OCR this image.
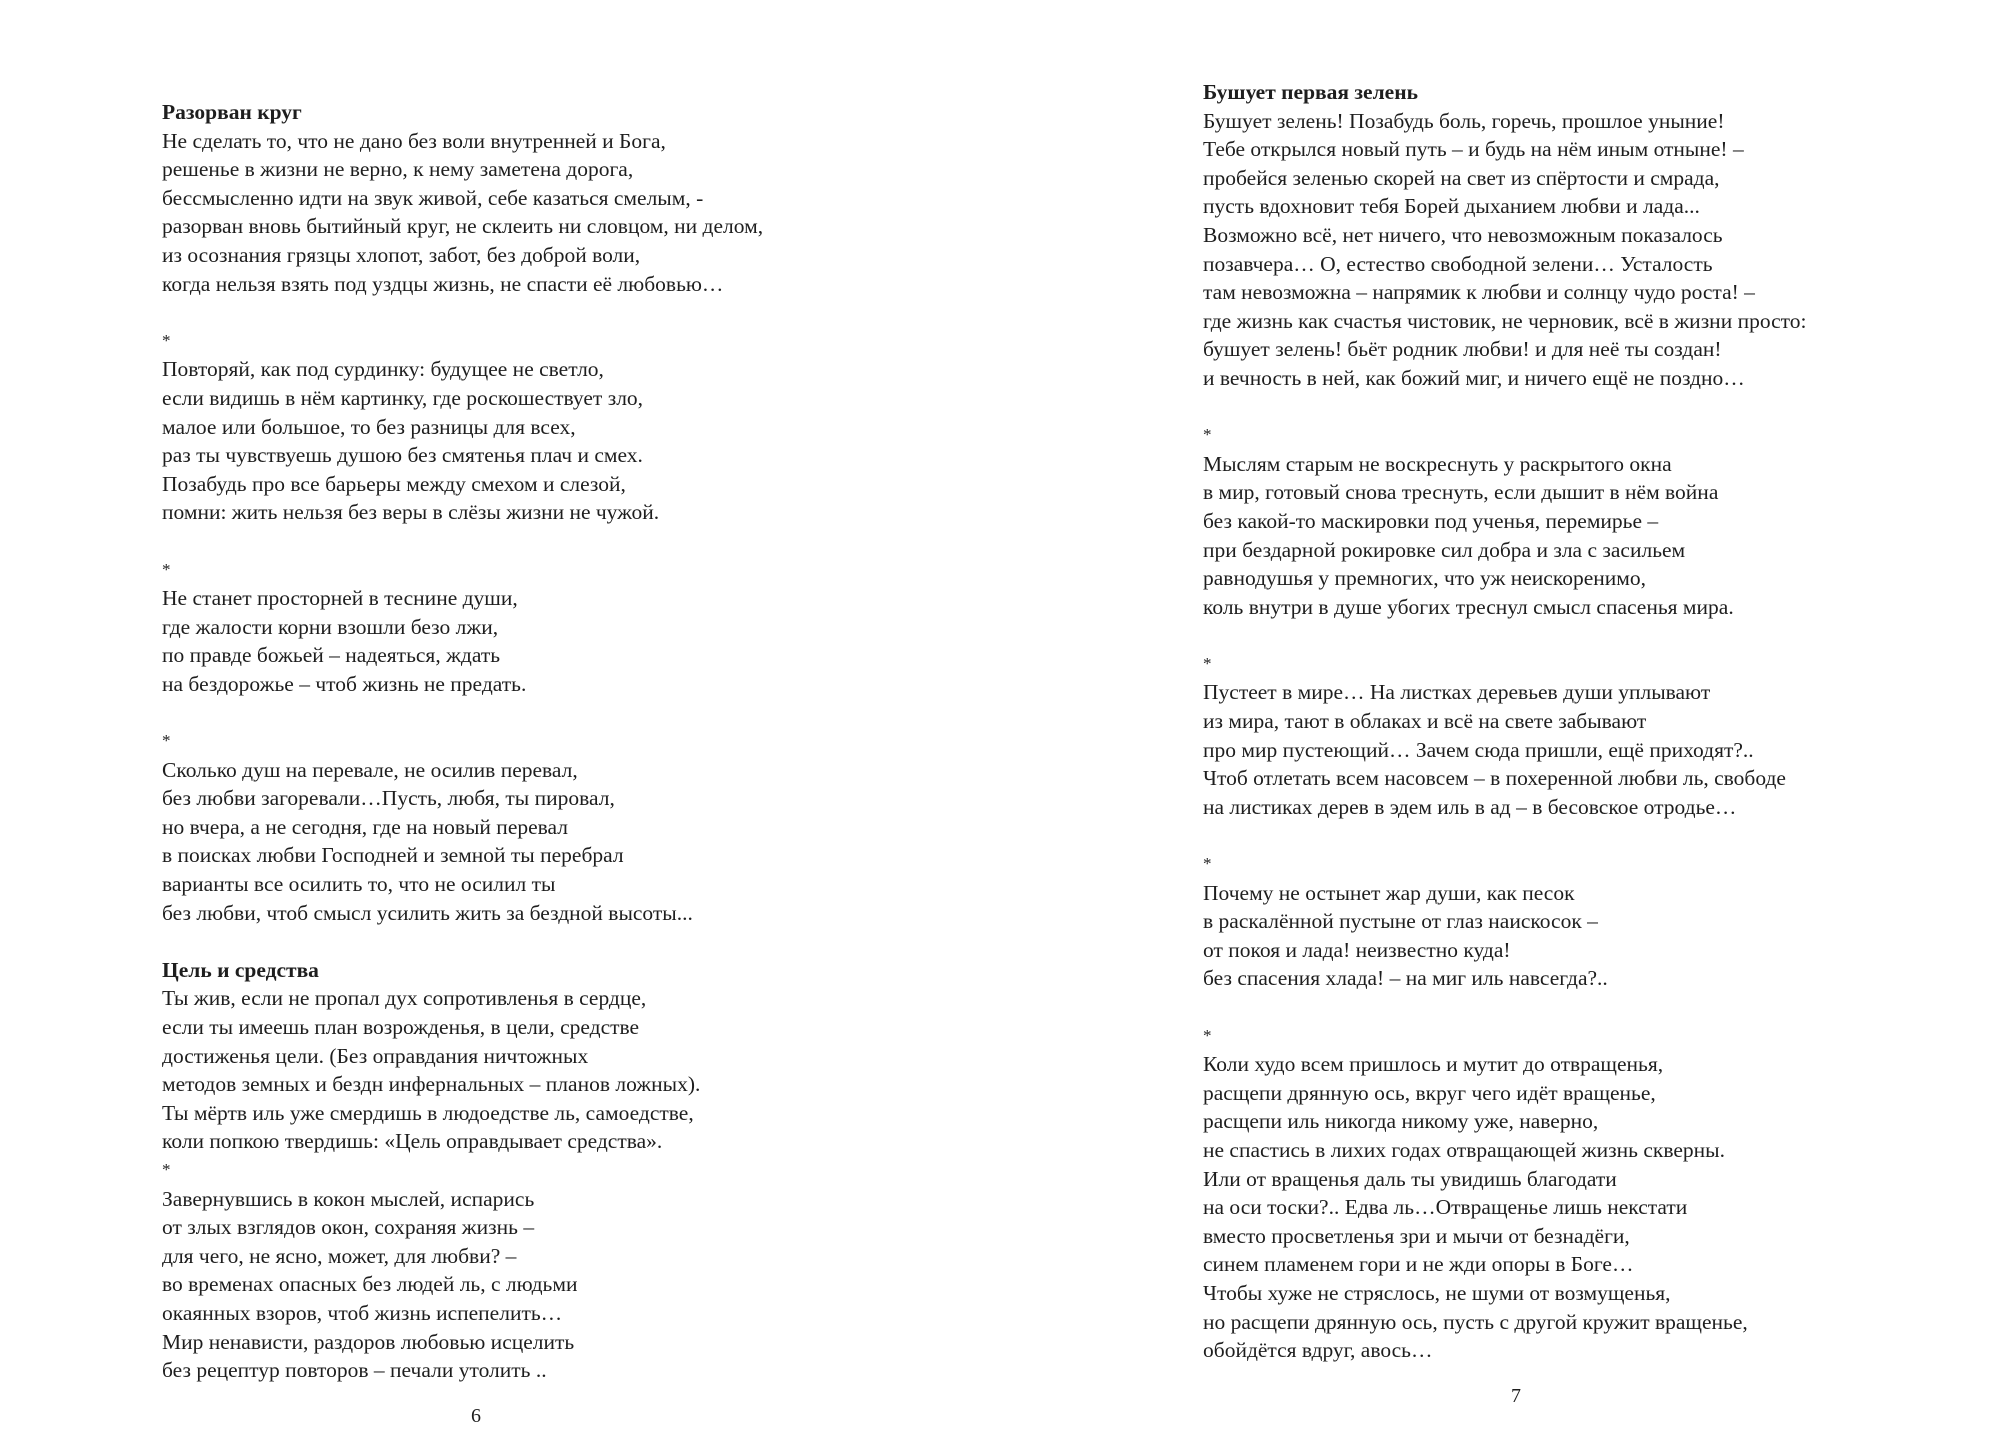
Разорван круг
Не сделать то, что не дано без воли внутренней и Бога,
решенье в жизни не верно, к нему заметена дорога,
бессмысленно идти на звук живой, себе казаться смелым, -
разорван вновь бытийный круг, не склеить ни словцом, ни делом,
из осознания грязцы хлопот, забот, без доброй воли,
когда нельзя взять под уздцы жизнь, не спасти её любовью…
*
Повторяй, как под сурдинку: будущее не светло,
если видишь в нём картинку, где роскошествует зло,
малое или большое, то без разницы для всех,
раз ты чувствуешь душою без смятенья плач и смех.
Позабудь про все барьеры между смехом и слезой,
помни: жить нельзя без веры в слёзы жизни не чужой.
*
Не станет просторней в теснине души,
где жалости корни взошли безо лжи,
по правде божьей – надеяться, ждать
на бездорожье – чтоб жизнь не предать.
*
Сколько душ на перевале, не осилив перевал,
без любви загоревали…Пусть, любя, ты пировал,
но вчера, а не сегодня, где на новый перевал
в поисках любви Господней и земной ты перебрал
варианты все осилить то, что не осилил ты
без любви, чтоб смысл усилить жить за бездной высоты...
Цель и средства
Ты жив, если не пропал дух сопротивленья в сердце,
если ты имеешь план возрожденья, в цели, средстве
достиженья цели. (Без оправдания ничтожных
методов земных и бездн инфернальных – планов ложных).
Ты мёртв иль уже смердишь в людоедстве ль, самоедстве,
коли попкою твердишь: «Цель оправдывает средства».
*
Завернувшись в кокон мыслей, испарись
от злых взглядов окон, сохраняя жизнь –
для чего, не ясно, может, для любви? –
во временах опасных без людей ль, с людьми
окаянных взоров, чтоб жизнь испепелить…
Мир ненависти, раздоров любовью исцелить
без рецептур повторов – печали утолить ..
6
Бушует первая зелень
Бушует зелень! Позабудь боль, горечь, прошлое уныние!
Тебе открылся новый путь – и будь на нём иным отныне! –
пробейся зеленью скорей на свет из спёртости и смрада,
пусть вдохновит тебя Борей дыханием любви и лада...
Возможно всё, нет ничего, что невозможным показалось
позавчера… О, естество свободной зелени… Усталость
там невозможна – напрямик к любви и солнцу чудо роста! –
где жизнь как счастья чистовик, не черновик, всё в жизни просто:
бушует зелень! бьёт родник любви! и для неё ты создан!
и вечность в ней, как божий миг, и ничего ещё не поздно…
*
Мыслям старым не воскреснуть у раскрытого окна
в мир, готовый снова треснуть, если дышит в нём война
без какой-то маскировки под ученья, перемирье –
при бездарной рокировке сил добра и зла с засильем
равнодушья у премногих, что уж неискоренимо,
коль внутри в душе убогих треснул смысл спасенья мира.
*
Пустеет в мире… На листках деревьев души уплывают
из мира, тают в облаках и всё на свете забывают
про мир пустеющий… Зачем сюда пришли, ещё приходят?..
Чтоб отлетать всем насовсем – в похеренной любви ль, свободе
на листиках дерев в эдем иль в ад – в бесовское отродье…
*
Почему не остынет жар души, как песок
в раскалённой пустыне от глаз наискосок –
от покоя и лада! неизвестно куда!
без спасения хлада! – на миг иль навсегда?..
*
Коли худо всем пришлось и мутит до отвращенья,
расщепи дрянную ось, вкруг чего идёт вращенье,
расщепи иль никогда никому уже, наверно,
не спастись в лихих годах отвращающей жизнь скверны.
Или от вращенья даль ты увидишь благодати
на оси тоски?.. Едва ль…Отвращенье лишь некстати
вместо просветленья зри и мычи от безнадёги,
синем пламенем гори и не жди опоры в Боге…
Чтобы хуже не стряслось, не шуми от возмущенья,
но расщепи дрянную ось, пусть с другой кружит вращенье,
обойдётся вдруг, авось…
7
